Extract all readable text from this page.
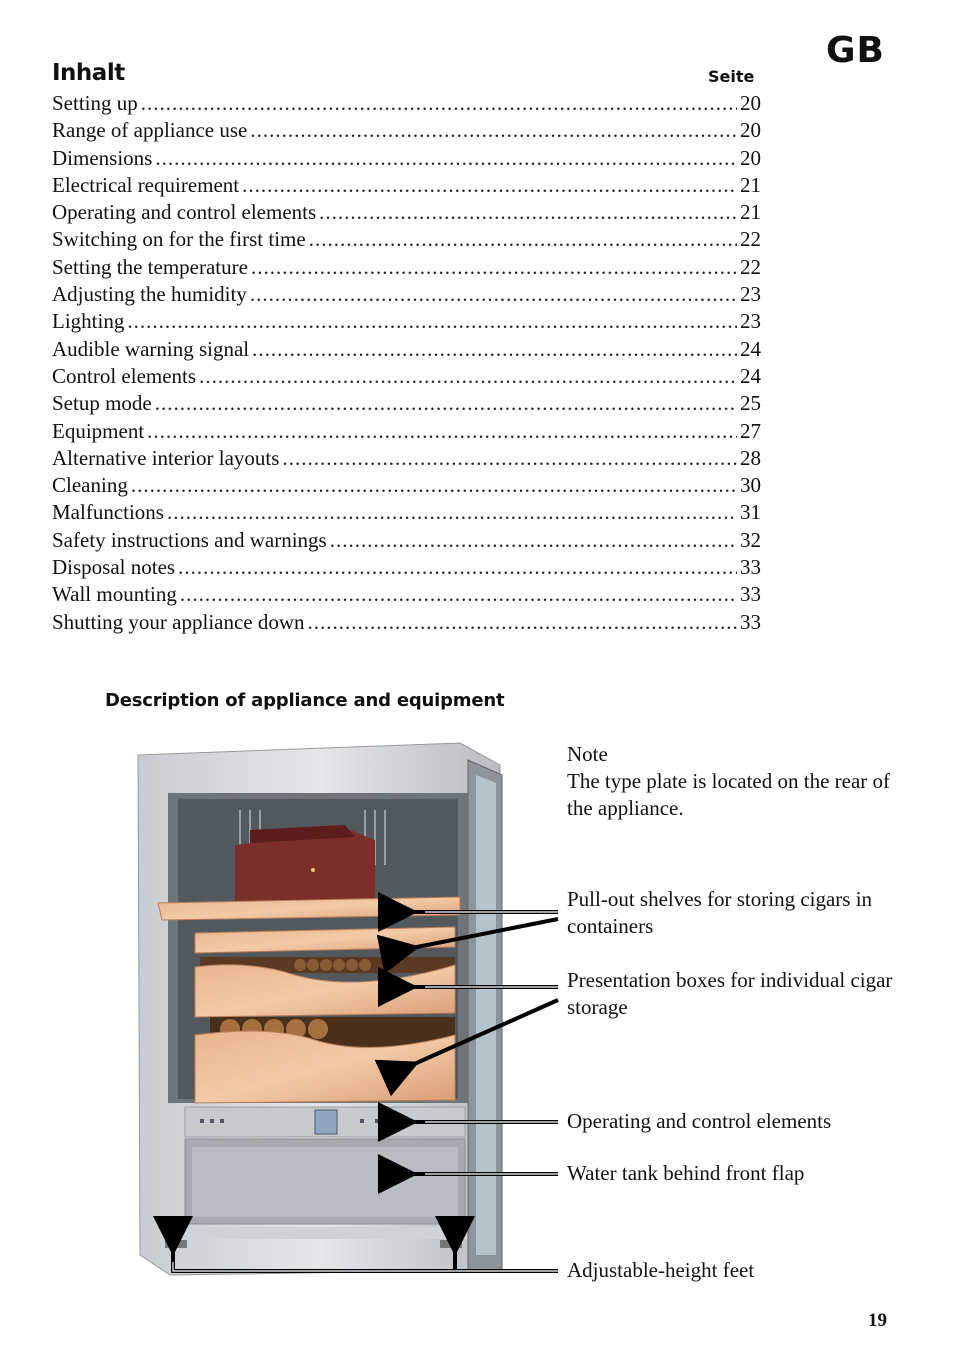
GB
Inhalt	Seite
Setting up .....	20
Range of appliance use .....	20
Dimensions .....	20
Electrical requirement .....	21
Operating and control elements .....	21
Switching on for the first time .....	22
Setting the temperature .....	22
Adjusting the humidity .....	23
Lighting .....	23
Audible warning signal .....	24
Control elements .....	24
Setup mode .....	25
Equipment .....	27
Alternative interior layouts .....	28
Cleaning .....	30
Malfunctions .....	31
Safety instructions and warnings .....	32
Disposal notes .....	33
Wall mounting .....	33
Shutting your appliance down .....	33
Description of appliance and equipment
Note
The type plate is located on the rear of the appliance.
Pull-out shelves for storing cigars in containers
Presentation boxes for individual cigar storage
Operating and control elements
Water tank behind front flap
Adjustable-height feet
19
